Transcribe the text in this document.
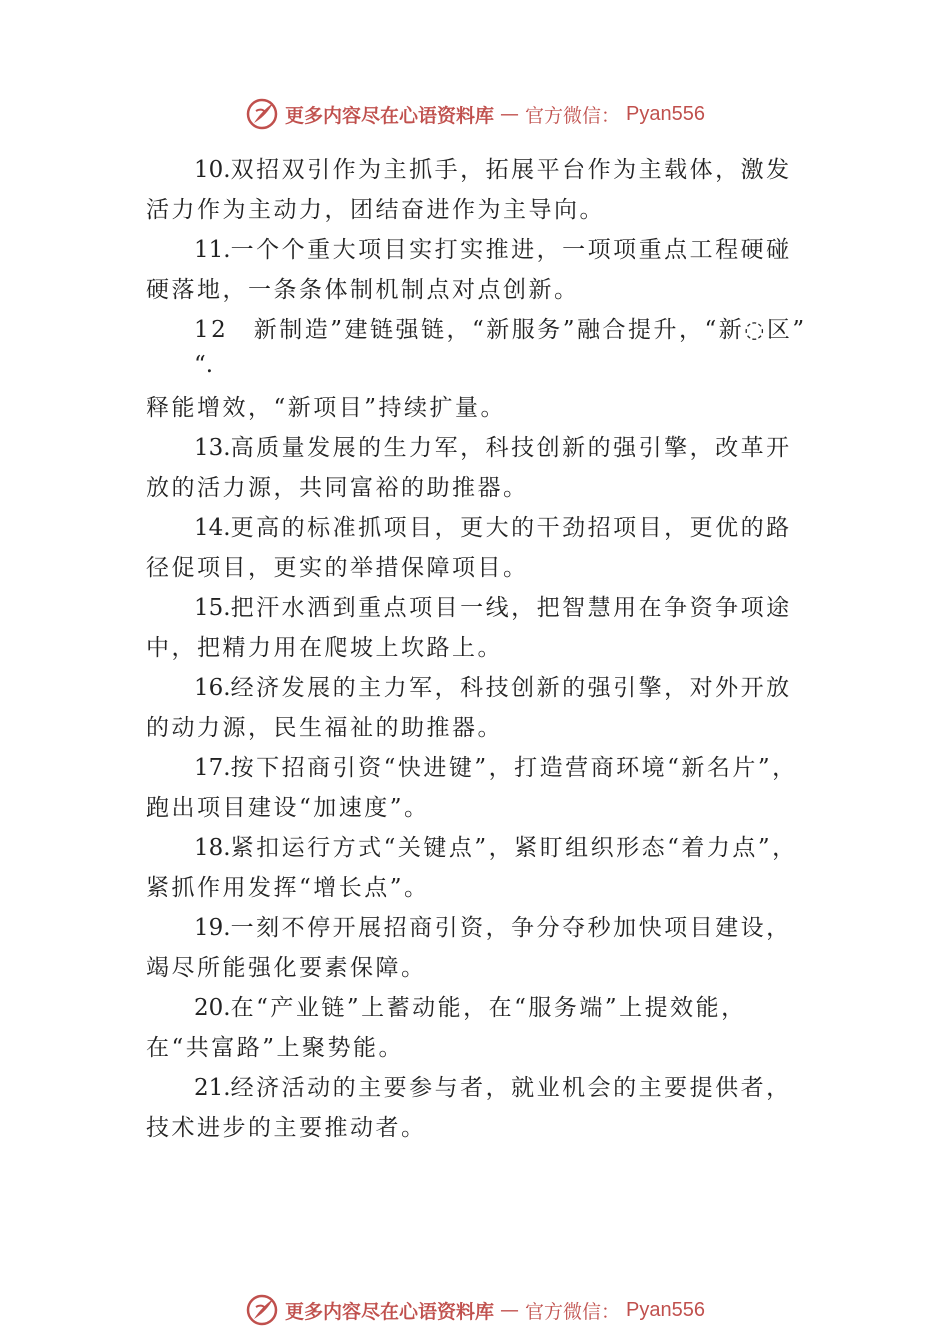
更多内容尽在心语资料库 — 官方微信： Pyan556

10.双招双引作为主抓手，拓展平台作为主载体，激发活力作为主动力，团结奋进作为主导向。

11.一个个重大项目实打实推进，一项项重点工程硬碰硬落地，一条条体制机制点对点创新。

12　新制造”建链强链，“新服务”融合提升，“新◌区”

“.

释能增效，“新项目”持续扩量。

13.高质量发展的生力军，科技创新的强引擎，改革开放的活力源，共同富裕的助推器。

14.更高的标准抓项目，更大的干劲招项目，更优的路径促项目，更实的举措保障项目。

15.把汗水洒到重点项目一线，把智慧用在争资争项途中，把精力用在爬坡上坎路上。

16.经济发展的主力军，科技创新的强引擎，对外开放的动力源，民生福祉的助推器。

17.按下招商引资“快进键”，打造营商环境“新名片”，跑出项目建设“加速度”。

18.紧扣运行方式“关键点”，紧盯组织形态“着力点”，紧抓作用发挥“增长点”。

19.一刻不停开展招商引资，争分夺秒加快项目建设，竭尽所能强化要素保障。

20.在“产业链”上蓄动能，在“服务端”上提效能，在“共富路”上聚势能。

21.经济活动的主要参与者，就业机会的主要提供者，技术进步的主要推动者。

更多内容尽在心语资料库 — 官方微信： Pyan556
